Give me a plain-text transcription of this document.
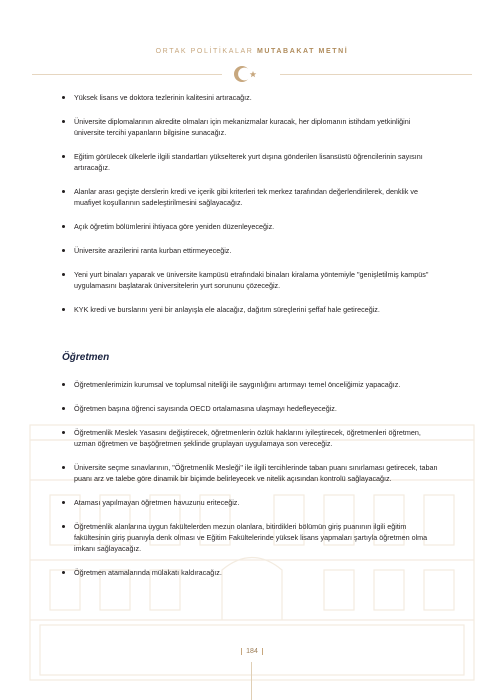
ORTAK POLİTİKALAR MUTABAKAT METNİ
Yüksek lisans ve doktora tezlerinin kalitesini artıracağız.
Üniversite diplomalarının akredite olmaları için mekanizmalar kuracak, her diplomanın istihdam yetkinliğini üniversite tercihi yapanların bilgisine sunacağız.
Eğitim görülecek ülkelerle ilgili standartları yükselterek yurt dışına gönderilen lisansüstü öğrencilerinin sayısını artıracağız.
Alanlar arası geçişte derslerin kredi ve içerik gibi kriterleri tek merkez tarafından değerlendirilerek, denklik ve muafiyet koşullarının sadeleştirilmesini sağlayacağız.
Açık öğretim bölümlerini ihtiyaca göre yeniden düzenleyeceğiz.
Üniversite arazilerini ranta kurban ettirmeyeceğiz.
Yeni yurt binaları yaparak ve üniversite kampüsü etrafındaki binaları kiralama yöntemiyle "genişletilmiş kampüs" uygulamasını başlatarak üniversitelerin yurt sorununu çözeceğiz.
KYK kredi ve burslarını yeni bir anlayışla ele alacağız, dağıtım süreçlerini şeffaf hale getireceğiz.
Öğretmen
Öğretmenlerimizin kurumsal ve toplumsal niteliği ile saygınlığını artırmayı temel önceliğimiz yapacağız.
Öğretmen başına öğrenci sayısında OECD ortalamasına ulaşmayı hedefleyeceğiz.
Öğretmenlik Meslek Yasasını değiştirecek, öğretmenlerin özlük haklarını iyileştirecek, öğretmenleri öğretmen, uzman öğretmen ve başöğretmen şeklinde gruplayan uygulamaya son vereceğiz.
Üniversite seçme sınavlarının, "Öğretmenlik Mesleği" ile ilgili tercihlerinde taban puanı sınırlaması getirecek, taban puanı arz ve talebe göre dinamik bir biçimde belirleyecek ve nitelik açısından kontrolü sağlayacağız.
Ataması yapılmayan öğretmen havuzunu eriteceğiz.
Öğretmenlik alanlarına uygun fakültelerden mezun olanlara, bitirdikleri bölümün giriş puanının ilgili eğitim fakültesinin giriş puanıyla denk olması ve Eğitim Fakültelerinde yüksek lisans yapmaları şartıyla öğretmen olma imkanı sağlayacağız.
Öğretmen atamalarında mülakatı kaldıracağız.
184
